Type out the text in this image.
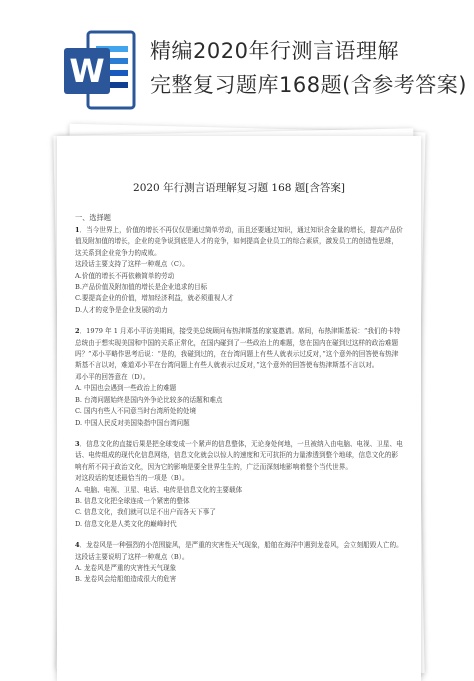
W
精编2020年行测言语理解
完整复习题库168题(含参考答案)
2020 年行测言语理解复习题 168 题[含答案]
一、选择题

1．当今世界上，价值的增长不再仅仅是通过简单劳动，而且还要通过知识，通过知识含金量的增长，提高产品价值及附加值的增长，企业的竞争说到底是人才的竞争，如何提高企业员工的综合素质，激发员工的创造性思维，这关系到企业竞争力的成败。

这段话主要支持了这样一种观点（C）。

A.价值的增长不再依赖简单的劳动

B.产品价值及附加值的增长是企业追求的目标

C.要提高企业的价值，增加经济利益，就必须重视人才

D.人才的竞争是企业发展的动力

2．1979 年 1 月邓小平访美期间，接受美总统顾问布热津斯基的家宴邀请。席间，布热津斯基说：“我们的卡特总统由于想实现美国和中国的关系正常化，在国内碰到了一些政治上的难题，您在国内在碰到过这样的政治难题吗？”邓小平略作思考后说：“是的，我碰到过的，在台湾问题上有些人就表示过反对，”这个意外的回答使布热津斯基不言以对，难道邓小平在台湾问题上有些人就表示过反对，”这个意外的回答使布热津斯基不言以对。

邓小平的回答意在（D）。

A. 中国也会遇到一些政治上的难题

B. 台湾问题始终是国内外争论比较多的话题和难点

C. 国内有些人不同意当时台湾所处的处境

D. 中国人民反对美国染指中国台湾问题

3．信息文化的直接后果是把全球变成一个紧声的信息整体，无论身处何地，一旦被纳入由电脑、电视、卫星、电话、电传组成的现代化信息网络，信息文化就会以惊人的速度和无可抗拒的力量渗透到整个地球，信息文化的影响有所不同于政治文化，因为它的影响是要全世界生生的，广泛而深刻地影响着整个当代世界。

对这段话的复述最恰当的一项是（B）。

A. 电脑、电视、卫星、电话、电传是信息文化的主要载体

B. 信息文化把全球连成一个紧密的整体

C. 信息文化，我们就可以足不出户而各天下事了

D. 信息文化是人类文化的巅峰时代

4．龙卷风是一种强烈的小范围旋风，是严重的灾害性天气现象，船舶在海洋中遇到龙卷风，会立刻船毁人亡的。

这段话主要说明了这样一种观点（B）。

A. 龙卷风是严重的灾害性天气现象

B. 龙卷风会给船舶造成很大的危害
